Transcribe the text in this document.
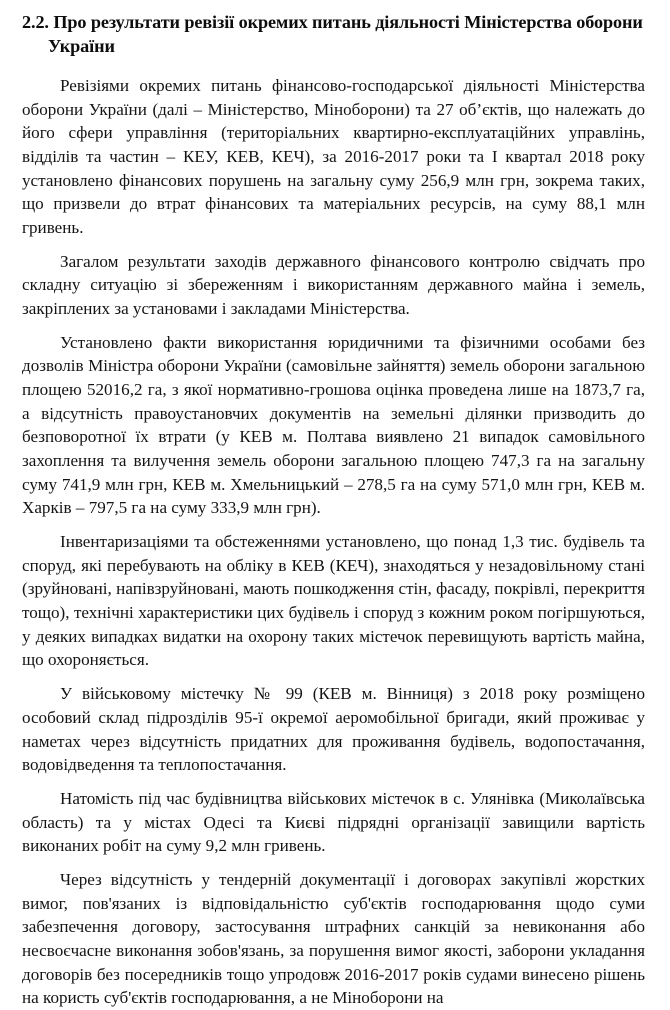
2.2. Про результати ревізії окремих питань діяльності Міністерства оборони України

Ревізіями окремих питань фінансово-господарської діяльності Міністерства оборони України (далі – Міністерство, Міноборони) та 27 об’єктів, що належать до його сфери управління (територіальних квартирно-експлуатаційних управлінь, відділів та частин – КЕУ, КЕВ, КЕЧ), за 2016-2017 роки та І квартал 2018 року установлено фінансових порушень на загальну суму 256,9 млн грн, зокрема таких, що призвели до втрат фінансових та матеріальних ресурсів, на суму 88,1 млн гривень.

Загалом результати заходів державного фінансового контролю свідчать про складну ситуацію зі збереженням і використанням державного майна і земель, закріплених за установами і закладами Міністерства.

Установлено факти використання юридичними та фізичними особами без дозволів Міністра оборони України (самовільне зайняття) земель оборони загальною площею 52016,2 га, з якої нормативно-грошова оцінка проведена лише на 1873,7 га, а відсутність правоустановчих документів на земельні ділянки призводить до безповоротної їх втрати (у КЕВ м. Полтава виявлено 21 випадок самовільного захоплення та вилучення земель оборони загальною площею 747,3 га на загальну суму 741,9 млн грн, КЕВ м. Хмельницький – 278,5 га на суму 571,0 млн грн, КЕВ м. Харків – 797,5 га на суму 333,9 млн грн).

Інвентаризаціями та обстеженнями установлено, що понад 1,3 тис. будівель та споруд, які перебувають на обліку в КЕВ (КЕЧ), знаходяться у незадовільному стані (зруйновані, напівзруйновані, мають пошкодження стін, фасаду, покрівлі, перекриття тощо), технічні характеристики цих будівель і споруд з кожним роком погіршуються, у деяких випадках видатки на охорону таких містечок перевищують вартість майна, що охороняється.

У військовому містечку № 99 (КЕВ м. Вінниця) з 2018 року розміщено особовий склад підрозділів 95-ї окремої аеромобільної бригади, який проживає у наметах через відсутність придатних для проживання будівель, водопостачання, водовідведення та теплопостачання.

Натомість під час будівництва військових містечок в с. Улянівка (Миколаївська область) та у містах Одесі та Києві підрядні організації завищили вартість виконаних робіт на суму 9,2 млн гривень.

Через відсутність у тендерній документації і договорах закупівлі жорстких вимог, пов'язаних із відповідальністю суб'єктів господарювання щодо суми забезпечення договору, застосування штрафних санкцій за невиконання або несвоєчасне виконання зобов'язань, за порушення вимог якості, заборони укладання договорів без посередників тощо упродовж 2016-2017 років судами винесено рішень на користь суб'єктів господарювання, а не Міноборони на
